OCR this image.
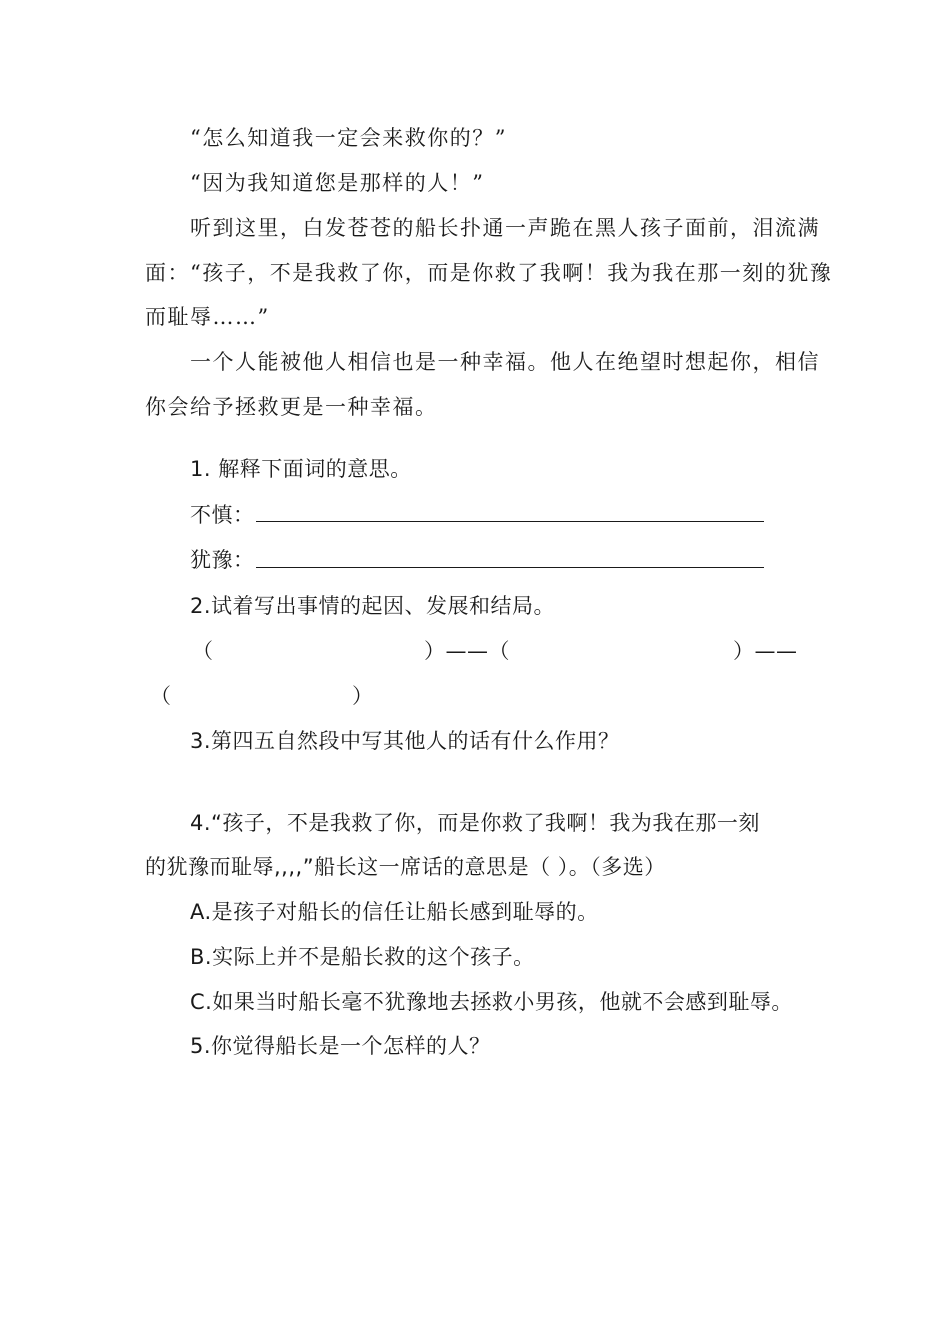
“怎么知道我一定会来救你的？”
“因为我知道您是那样的人！”
听到这里，白发苍苍的船长扑通一声跪在黑人孩子面前，泪流满
面：“孩子，不是我救了你，而是你救了我啊！我为我在那一刻的犹豫
而耻辱……”
一个人能被他人相信也是一种幸福。他人在绝望时想起你，相信
你会给予拯救更是一种幸福。
1. 解释下面词的意思。
不慎：
犹豫：
2.试着写出事情的起因、发展和结局。
（	）——（	）——
（	）
3.第四五自然段中写其他人的话有什么作用？
4.“孩子，不是我救了你，而是你救了我啊！我为我在那一刻
的犹豫而耻辱,,,,”船长这一席话的意思是（ ）。（多选）
A.是孩子对船长的信任让船长感到耻辱的。
B.实际上并不是船长救的这个孩子。
C.如果当时船长毫不犹豫地去拯救小男孩，他就不会感到耻辱。
5.你觉得船长是一个怎样的人？
